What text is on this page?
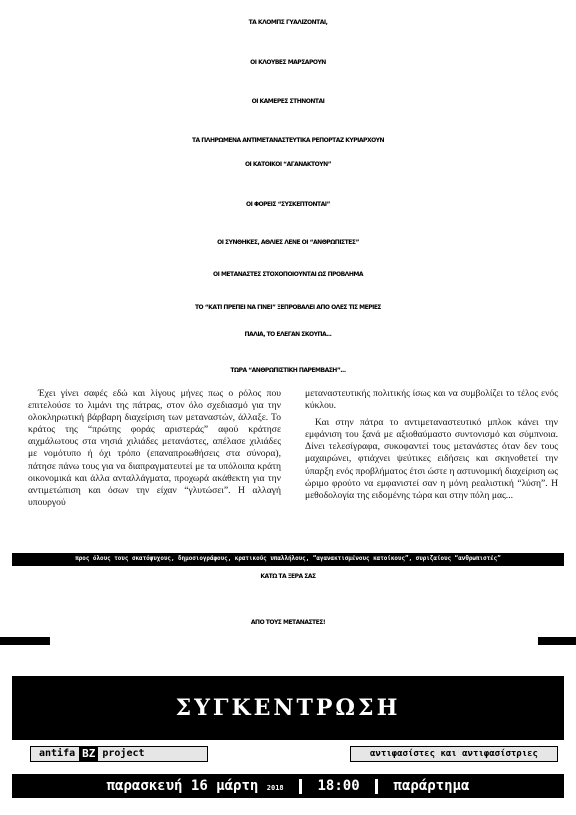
ΤΑ ΚΛΟΜΠΣ ΓΥΑΛΙΖΟΝΤΑΙ,
ΟΙ ΚΛΟΥΒΕΣ ΜΑΡΣΑΡΟΥΝ
ΟΙ ΚΑΜΕΡΕΣ ΣΤΗΝΟΝΤΑΙ
ΤΑ ΠΛΗΡΩΜΕΝΑ ΑΝΤΙΜΕΤΑΝΑΣΤΕΥΤΙΚΑ ΡΕΠΟΡΤΑΖ ΚΥΡΙΑΡΧΟΥΝ
ΟΙ ΚΑΤΟΙΚΟΙ “ΑΓΑΝΑΚΤΟΥΝ”
ΟΙ ΦΟΡΕΙΣ “ΣΥΣΚΕΠΤΟΝΤΑΙ”
ΟΙ ΣΥΝΘΗΚΕΣ, ΑΘΛΙΕΣ ΛΕΝΕ ΟΙ “ΑΝΘΡΩΠΙΣΤΕΣ”
ΟΙ ΜΕΤΑΝΑΣΤΕΣ ΣΤΟΧΟΠΟΙΟΥΝΤΑΙ ΩΣ ΠΡΟΒΛΗΜΑ
ΤΟ “ΚΑΤΙ ΠΡΕΠΕΙ ΝΑ ΓΙΝΕΙ” ΞΕΠΡΟΒΑΛΕΙ ΑΠΟ ΟΛΕΣ ΤΙΣ ΜΕΡΙΕΣ
ΠΑΛΙΑ, ΤΟ ΕΛΕΓΑΝ ΣΚΟΥΠΑ...
ΤΩΡΑ “ΑΝΘΡΩΠΙΣΤΙΚΗ ΠΑΡΕΜΒΑΣΗ”...

Έχει γίνει σαφές εδώ και λίγους μήνες πως ο ρόλος που επιτελούσε το λιμάνι της πάτρας, στον όλο σχεδιασμό για την ολοκληρωτική βάρβαρη διαχείριση των μεταναστών, άλλαξε. Το κράτος της “πρώτης φοράς αριστεράς” αφού κράτησε αιχμάλωτους στα νησιά χιλιάδες μετανάστες, απέλασε χιλιάδες με νομότυπο ή όχι τρόπο (επαναπροωθήσεις στα σύνορα), πάτησε πάνω τους για να διαπραγματευτεί με τα υπόλοιπα κράτη οικονομικά και άλλα ανταλλάγματα, προχωρά ακάθεκτη για την αντιμετώπιση και όσων την είχαν “γλυτώσει”. Η αλλαγή υπουργού

μεταναστευτικής πολιτικής ίσως και να συμβολίζει το τέλος ενός κύκλου.

Και στην πάτρα το αντιμεταναστευτικό μπλοκ κάνει την εμφάνιση του ξανά με αξιοθαύμαστο συντονισμό και σύμπνοια. Δίνει τελεσίγραφα, συκοφαντεί τους μετανάστες όταν δεν τους μαχαιρώνει, φτιάχνει ψεύτικες ειδήσεις και σκηνοθετεί την ύπαρξη ενός προβλήματος έτσι ώστε η αστυνομική διαχείριση ως ώριμο φρούτο να εμφανιστεί σαν η μόνη ρεαλιστική “λύση”. Η μεθοδολογία της ειδομένης τώρα και στην πόλη μας...

προς όλους τους σκατόψυχους, δημοσιογράφους, κρατικούς υπαλλήλους, “αγανακτισμένους κατοίκους”, συριζαίους “ανθρωπιστές”
ΚΑΤΩ ΤΑ ΞΕΡΑ ΣΑΣ
ΑΠΟ ΤΟΥΣ ΜΕΤΑΝΑΣΤΕΣ!
ΣΥΓΚΕΝΤΡΩΣΗ
antifa BZ project	αντιφασίστες και αντιφασίστριες
παρασκευή 16 μάρτη 2018 18:00 παράρτημα
